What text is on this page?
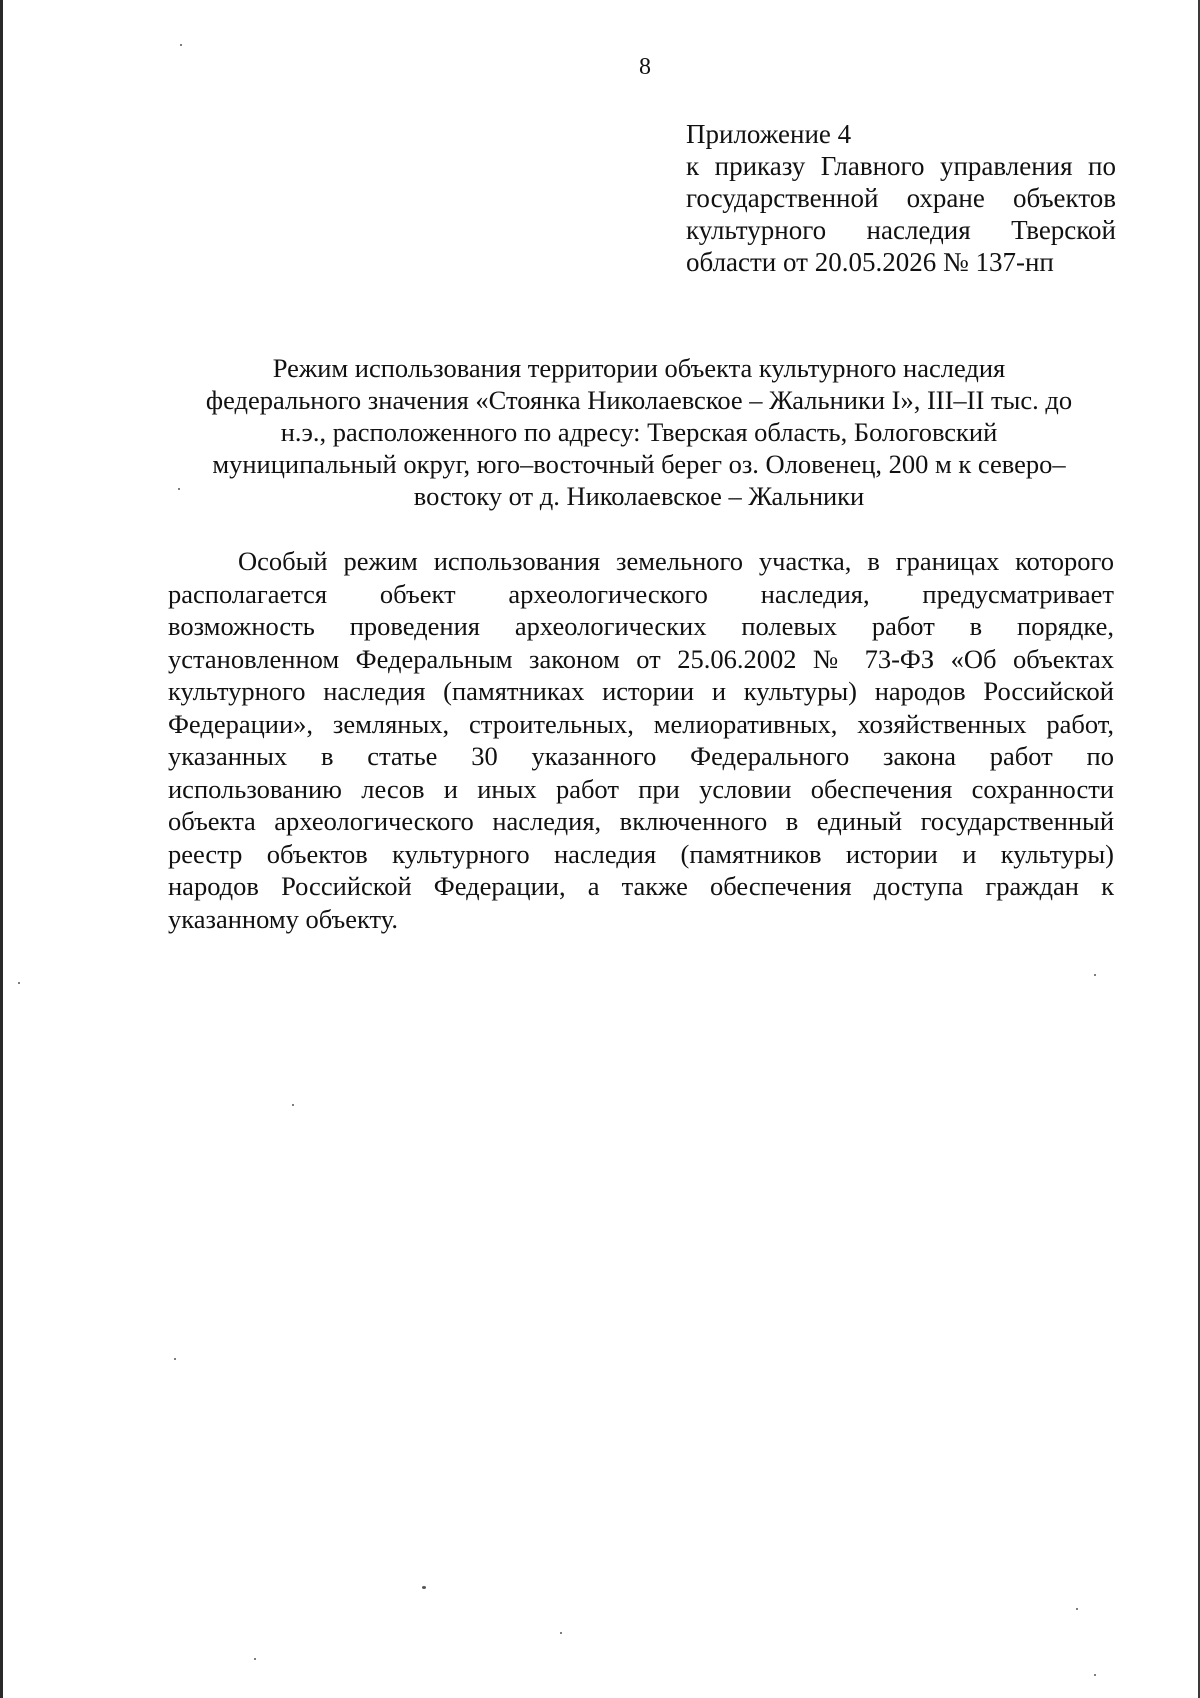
8
Приложение 4
к приказу Главного управления по
государственной охране объектов
культурного наследия Тверской
области от 20.05.2026 № 137-нп
Режим использования территории объекта культурного наследия
федерального значения «Стоянка Николаевское – Жальники I», III–II тыс. до
н.э., расположенного по адресу: Тверская область, Бологовский
муниципальный округ, юго–восточный берег оз. Оловенец, 200 м к северо–
востоку от д. Николаевское – Жальники
Особый режим использования земельного участка, в границах которого
располагается объект археологического наследия, предусматривает
возможность проведения археологических полевых работ в порядке,
установленном Федеральным законом от 25.06.2002 № 73-ФЗ «Об объектах
культурного наследия (памятниках истории и культуры) народов Российской
Федерации», земляных, строительных, мелиоративных, хозяйственных работ,
указанных в статье 30 указанного Федерального закона работ по
использованию лесов и иных работ при условии обеспечения сохранности
объекта археологического наследия, включенного в единый государственный
реестр объектов культурного наследия (памятников истории и культуры)
народов Российской Федерации, а также обеспечения доступа граждан к
указанному объекту.
